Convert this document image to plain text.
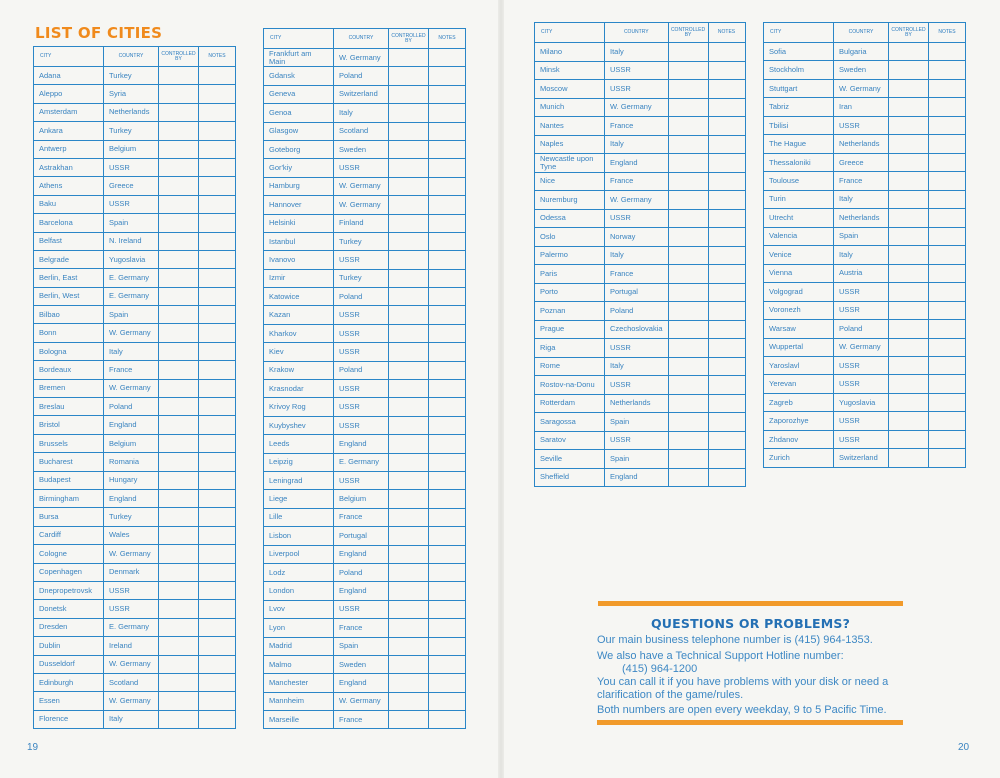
LIST OF CITIES
CITY	COUNTRY	CONTROLLED BY	NOTES
Adana	Turkey		
Aleppo	Syria		
Amsterdam	Netherlands		
Ankara	Turkey		
Antwerp	Belgium		
Astrakhan	USSR		
Athens	Greece		
Baku	USSR		
Barcelona	Spain		
Belfast	N. Ireland		
Belgrade	Yugoslavia		
Berlin, East	E. Germany		
Berlin, West	E. Germany		
Bilbao	Spain		
Bonn	W. Germany		
Bologna	Italy		
Bordeaux	France		
Bremen	W. Germany		
Breslau	Poland		
Bristol	England		
Brussels	Belgium		
Bucharest	Romania		
Budapest	Hungary		
Birmingham	England		
Bursa	Turkey		
Cardiff	Wales		
Cologne	W. Germany		
Copenhagen	Denmark		
Dnepropetrovsk	USSR		
Donetsk	USSR		
Dresden	E. Germany		
Dublin	Ireland		
Dusseldorf	W. Germany		
Edinburgh	Scotland		
Essen	W. Germany		
Florence	Italy		
CITY	COUNTRY	CONTROLLED BY	NOTES
Frankfurt am Main	W. Germany		
Gdansk	Poland		
Geneva	Switzerland		
Genoa	Italy		
Glasgow	Scotland		
Goteborg	Sweden		
Gor'kiy	USSR		
Hamburg	W. Germany		
Hannover	W. Germany		
Helsinki	Finland		
Istanbul	Turkey		
Ivanovo	USSR		
Izmir	Turkey		
Katowice	Poland		
Kazan	USSR		
Kharkov	USSR		
Kiev	USSR		
Krakow	Poland		
Krasnodar	USSR		
Krivoy Rog	USSR		
Kuybyshev	USSR		
Leeds	England		
Leipzig	E. Germany		
Leningrad	USSR		
Liege	Belgium		
Lille	France		
Lisbon	Portugal		
Liverpool	England		
Lodz	Poland		
London	England		
Lvov	USSR		
Lyon	France		
Madrid	Spain		
Malmo	Sweden		
Manchester	England		
Mannheim	W. Germany		
Marseille	France		
CITY	COUNTRY	CONTROLLED BY	NOTES
Milano	Italy		
Minsk	USSR		
Moscow	USSR		
Munich	W. Germany		
Nantes	France		
Naples	Italy		
Newcastle upon Tyne	England		
Nice	France		
Nuremburg	W. Germany		
Odessa	USSR		
Oslo	Norway		
Palermo	Italy		
Paris	France		
Porto	Portugal		
Poznan	Poland		
Prague	Czechoslovakia		
Riga	USSR		
Rome	Italy		
Rostov-na-Donu	USSR		
Rotterdam	Netherlands		
Saragossa	Spain		
Saratov	USSR		
Seville	Spain		
Sheffield	England		
CITY	COUNTRY	CONTROLLED BY	NOTES
Sofia	Bulgaria		
Stockholm	Sweden		
Stuttgart	W. Germany		
Tabriz	Iran		
Tbilisi	USSR		
The Hague	Netherlands		
Thessaloniki	Greece		
Toulouse	France		
Turin	Italy		
Utrecht	Netherlands		
Valencia	Spain		
Venice	Italy		
Vienna	Austria		
Volgograd	USSR		
Voronezh	USSR		
Warsaw	Poland		
Wuppertal	W. Germany		
Yaroslavl	USSR		
Yerevan	USSR		
Zagreb	Yugoslavia		
Zaporozhye	USSR		
Zhdanov	USSR		
Zurich	Switzerland		
QUESTIONS OR PROBLEMS?
Our main business telephone number is (415) 964-1353.
We also have a Technical Support Hotline number:
(415) 964-1200
You can call it if you have problems with your disk or need a
clarification of the game/rules.
Both numbers are open every weekday, 9 to 5 Pacific Time.
19	20
